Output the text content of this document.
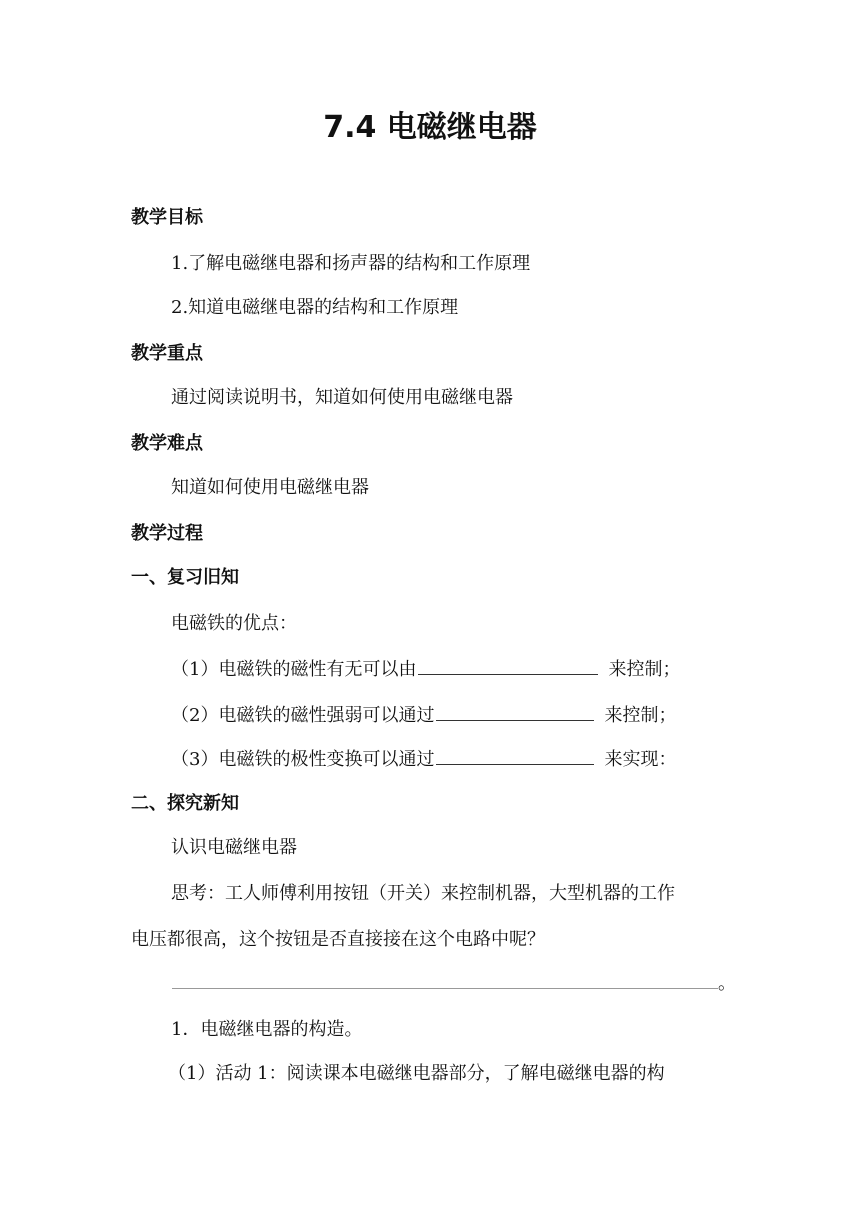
7.4 电磁继电器
教学目标
1.了解电磁继电器和扬声器的结构和工作原理
2.知道电磁继电器的结构和工作原理
教学重点
通过阅读说明书，知道如何使用电磁继电器
教学难点
知道如何使用电磁继电器
教学过程
一、复习旧知
电磁铁的优点：
（1）电磁铁的磁性有无可以由	来控制；
（2）电磁铁的磁性强弱可以通过	来控制；
（3）电磁铁的极性变换可以通过	来实现：
二、探究新知
认识电磁继电器
思考：工人师傅利用按钮（开关）来控制机器，大型机器的工作
电压都很高，这个按钮是否直接接在这个电路中呢？
。
1．电磁继电器的构造。
（1）活动 1：阅读课本电磁继电器部分，了解电磁继电器的构
